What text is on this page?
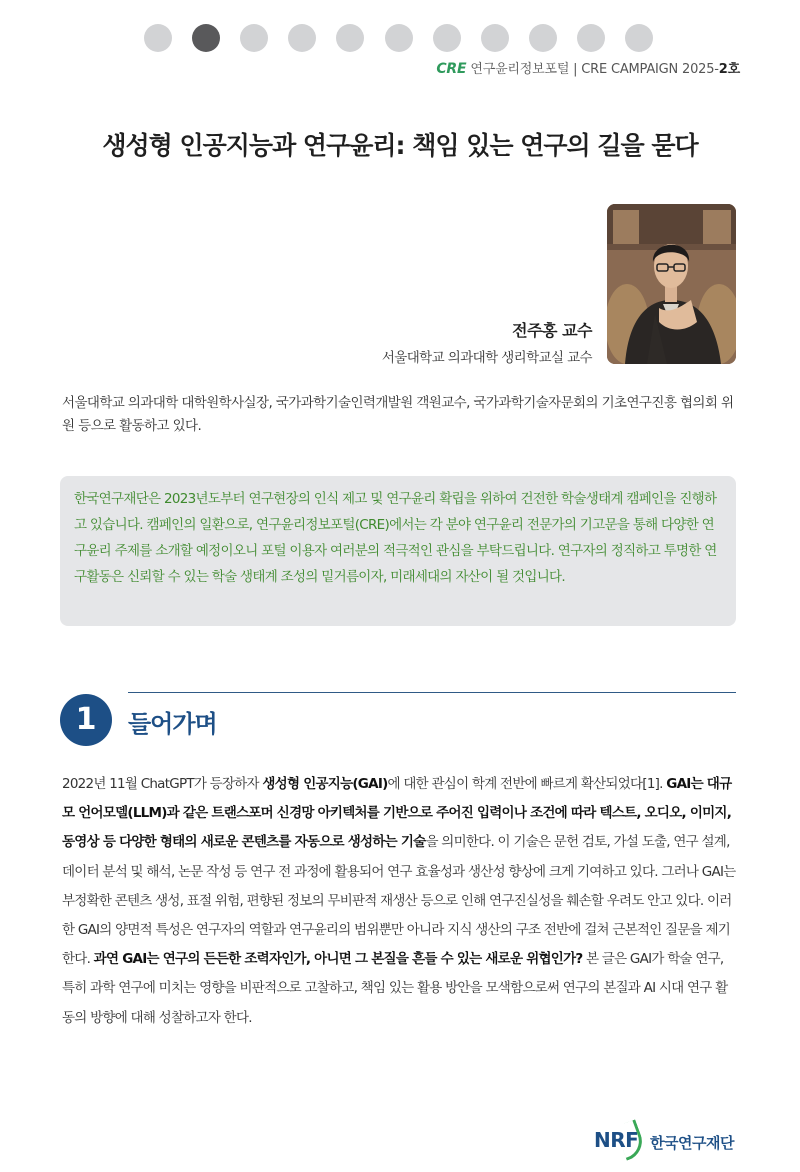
CRE 연구윤리정보포털 | CRE CAMPAIGN 2025-2호
생성형 인공지능과 연구윤리: 책임 있는 연구의 길을 묻다
전주홍 교수
서울대학교 의과대학 생리학교실 교수

서울대학교 의과대학 대학원학사실장, 국가과학기술인력개발원 객원교수, 국가과학기술자문회의 기초연구진흥 협의회 위원 등으로 활동하고 있다.

한국연구재단은 2023년도부터 연구현장의 인식 제고 및 연구윤리 확립을 위하여 건전한 학술생태계 캠페인을 진행하고 있습니다. 캠페인의 일환으로, 연구윤리정보포털(CRE)에서는 각 분야 연구윤리 전문가의 기고문을 통해 다양한 연구윤리 주제를 소개할 예정이오니 포털 이용자 여러분의 적극적인 관심을 부탁드립니다. 연구자의 정직하고 투명한 연구활동은 신뢰할 수 있는 학술 생태계 조성의 밑거름이자, 미래세대의 자산이 될 것입니다.

1	들어가며

2022년 11월 ChatGPT가 등장하자 생성형 인공지능(GAI)에 대한 관심이 학계 전반에 빠르게 확산되었다[1]. GAI는 대규모 언어모델(LLM)과 같은 트랜스포머 신경망 아키텍처를 기반으로 주어진 입력이나 조건에 따라 텍스트, 오디오, 이미지, 동영상 등 다양한 형태의 새로운 콘텐츠를 자동으로 생성하는 기술을 의미한다. 이 기술은 문헌 검토, 가설 도출, 연구 설계, 데이터 분석 및 해석, 논문 작성 등 연구 전 과정에 활용되어 연구 효율성과 생산성 향상에 크게 기여하고 있다. 그러나 GAI는 부정확한 콘텐츠 생성, 표절 위험, 편향된 정보의 무비판적 재생산 등으로 인해 연구진실성을 훼손할 우려도 안고 있다. 이러한 GAI의 양면적 특성은 연구자의 역할과 연구윤리의 범위뿐만 아니라 지식 생산의 구조 전반에 걸쳐 근본적인 질문을 제기한다. 과연 GAI는 연구의 든든한 조력자인가, 아니면 그 본질을 흔들 수 있는 새로운 위협인가? 본 글은 GAI가 학술 연구, 특히 과학 연구에 미치는 영향을 비판적으로 고찰하고, 책임 있는 활용 방안을 모색함으로써 연구의 본질과 AI 시대 연구 활동의 방향에 대해 성찰하고자 한다.

NRF 한국연구재단
